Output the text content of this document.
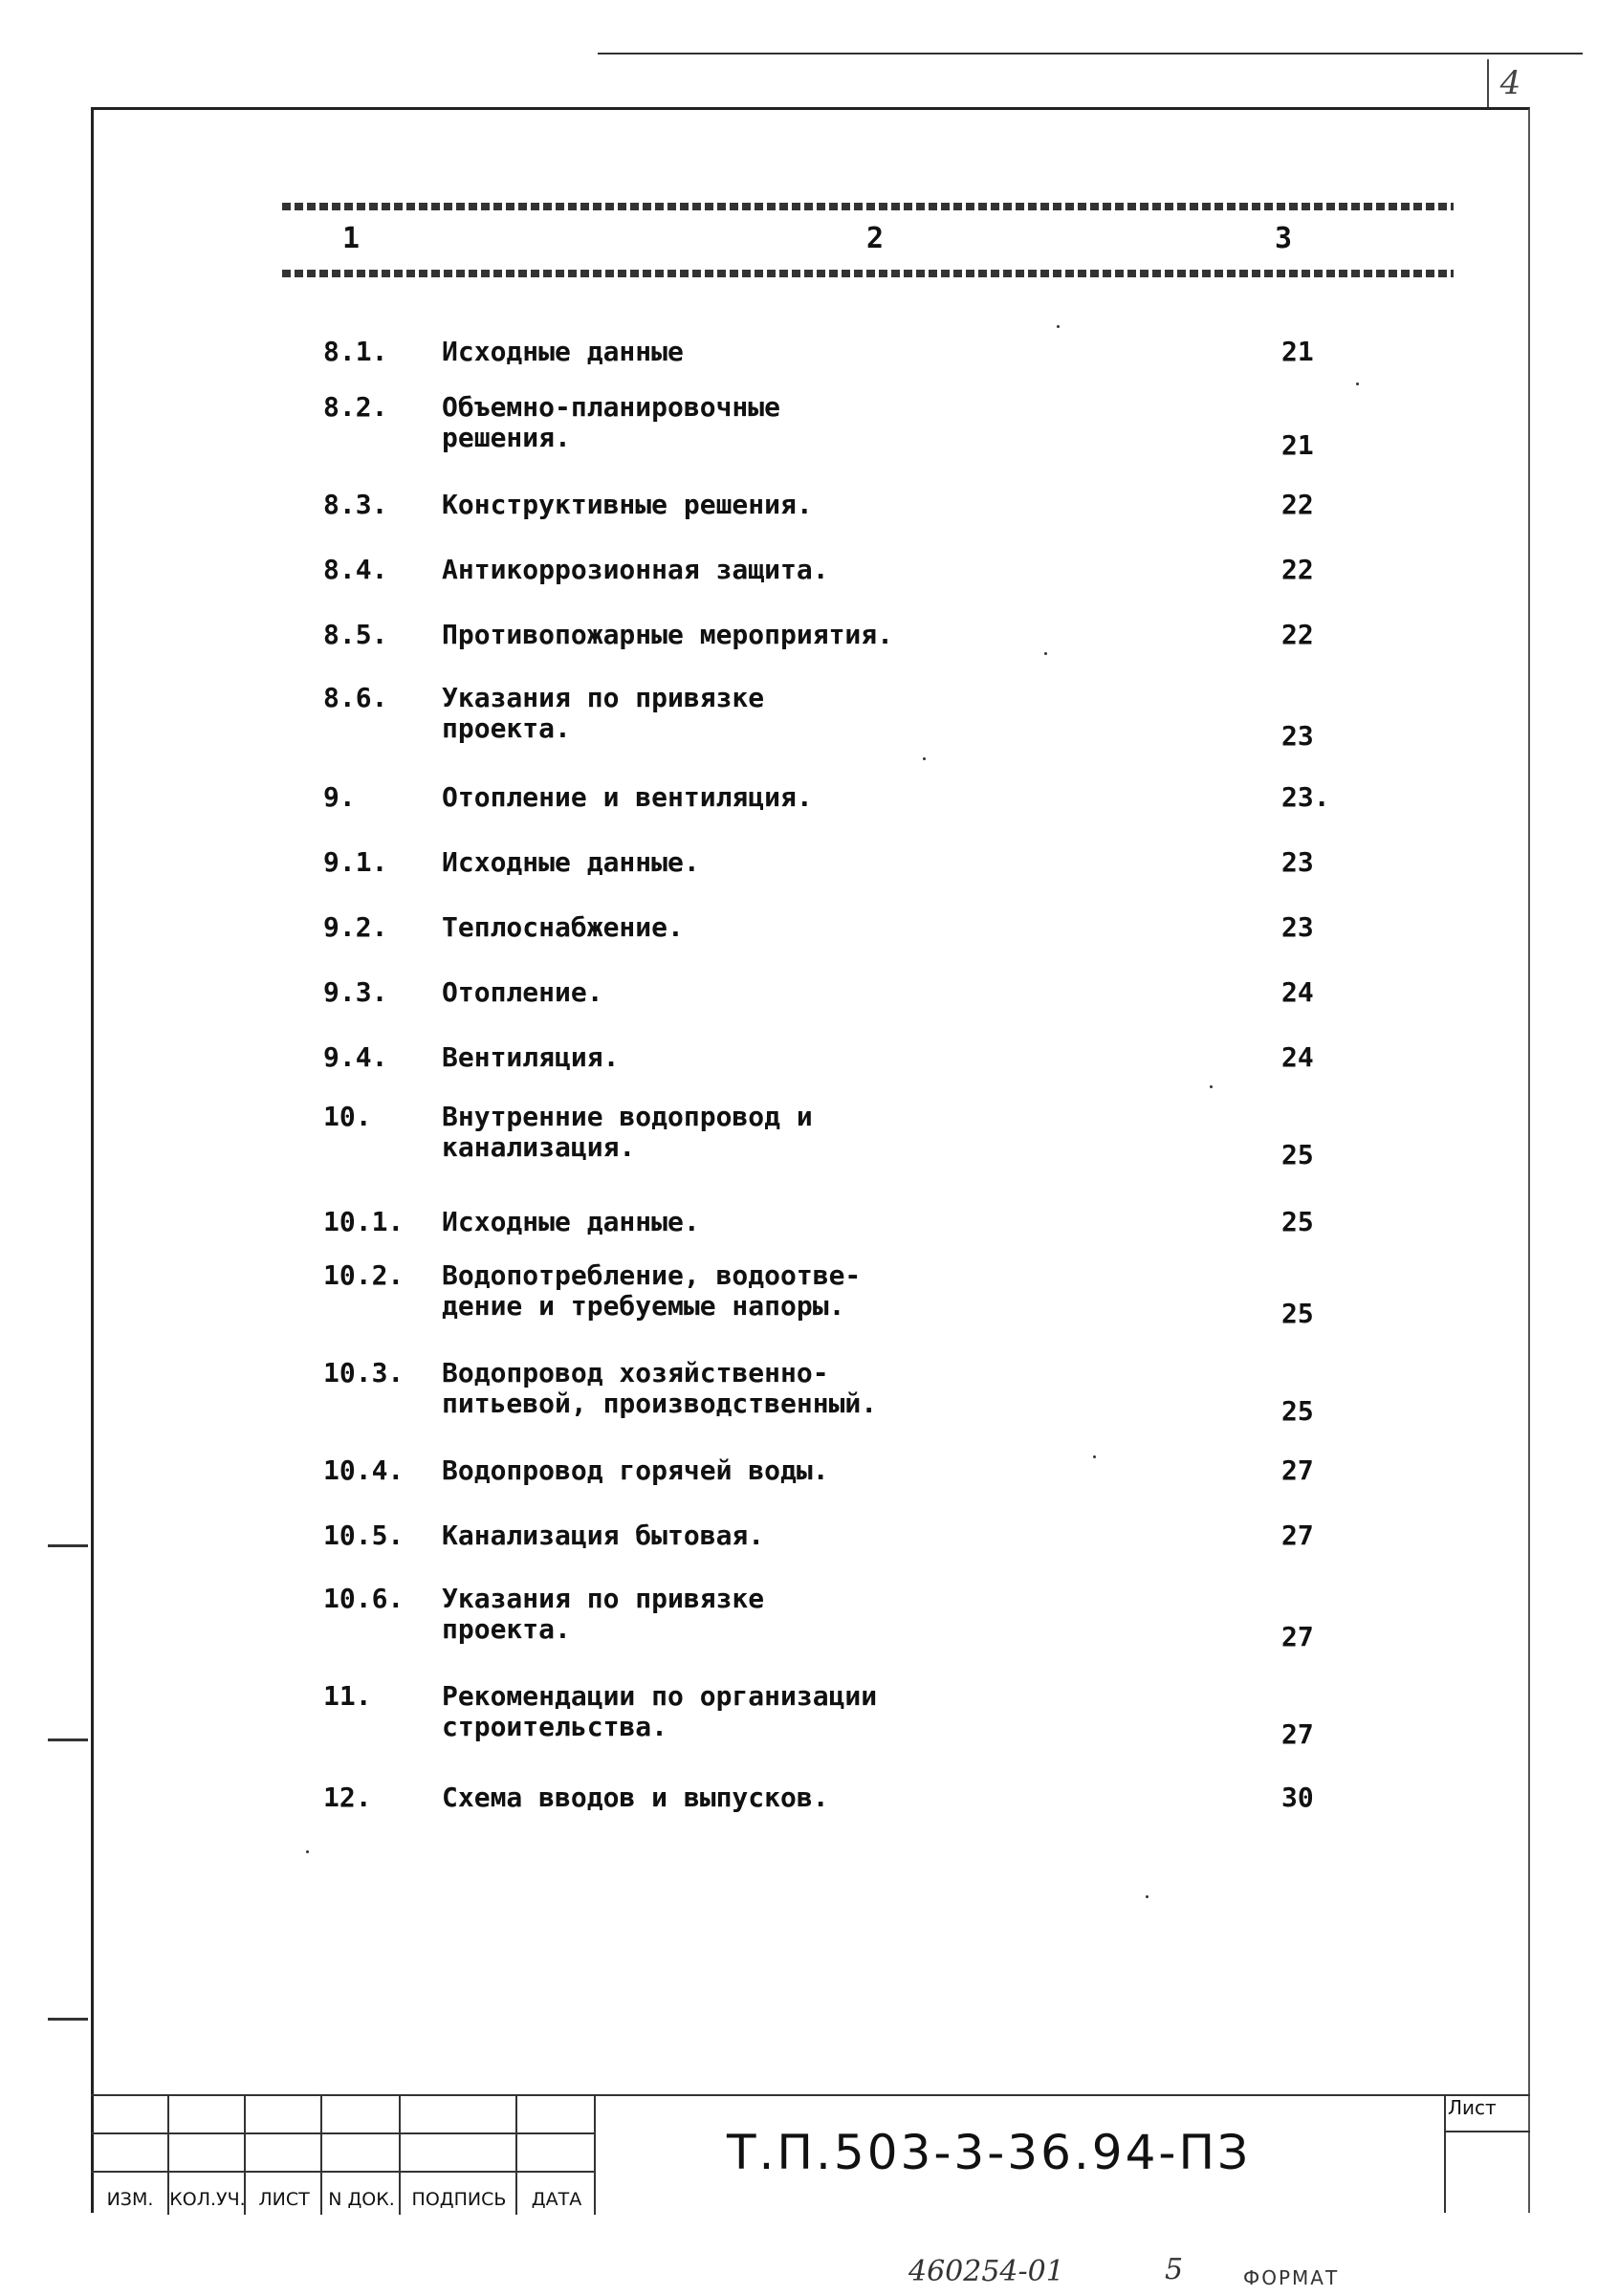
4
1	2	3
8.1. Исходные данные	21
8.2. Объемно-планировочные
решения.	21
8.3. Конструктивные решения.	22
8.4. Антикоррозионная защита.	22
8.5. Противопожарные мероприятия.	22
8.6. Указания по привязке
проекта.	23
9.	Отопление и вентиляция.	23.
9.1. Исходные данные.	23
9.2. Теплоснабжение.	23
9.3. Отопление.	24
9.4. Вентиляция.	24
10.	Внутренние водопровод и
канализация.	25
10.1. Исходные данные.	25
10.2. Водопотребление, водоотве-
дение и требуемые напоры.	25
10.3. Водопровод хозяйственно-
питьевой, производственный.	25
10.4. Водопровод горячей воды.	27
10.5. Канализация бытовая.	27
10.6. Указания по привязке
проекта.	27
11.	Рекомендации по организации
строительства.	27
12.	Схема вводов и выпусков.	30
ИЗМ. КОЛ.УЧ. ЛИСТ	N ДОК. ПОДПИСЬ	ДАТА
Т.П.503-3-36.94-ПЗ
Лист
460254-01	5	ФОРМАТ
